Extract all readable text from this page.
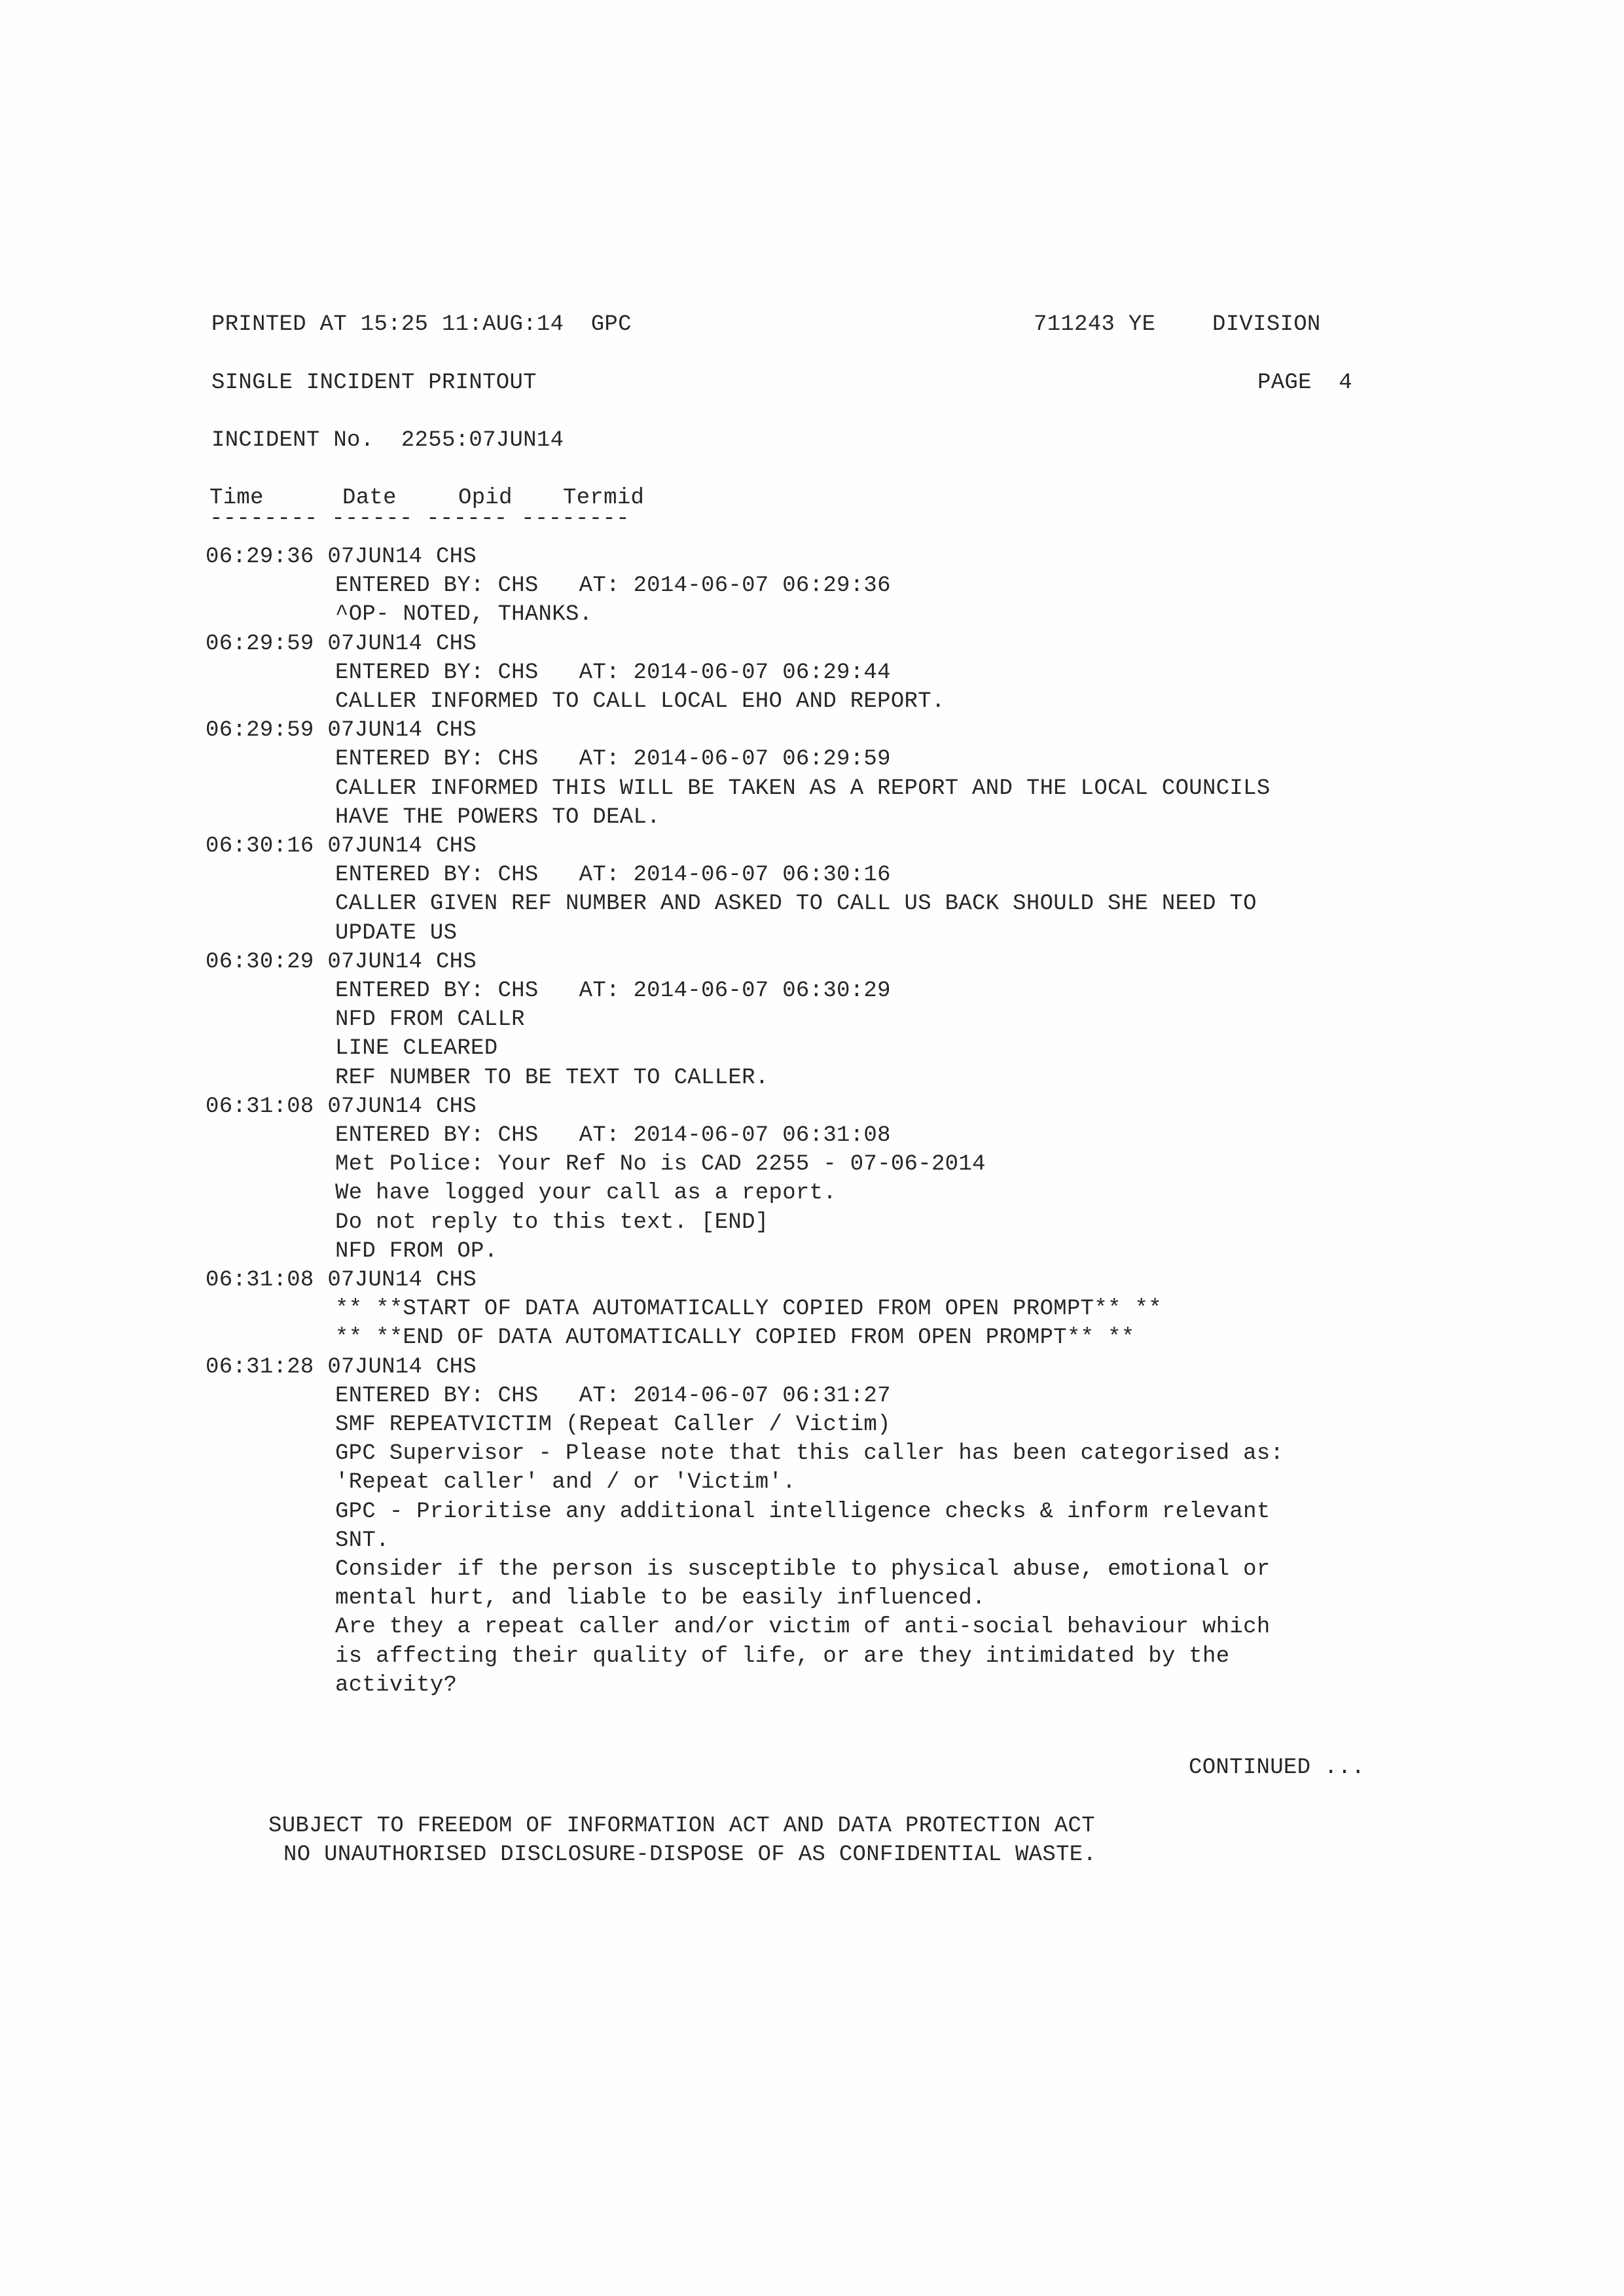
PRINTED AT 15:25 11:AUG:14  GPC	711243 YE	DIVISION
SINGLE INCIDENT PRINTOUT	PAGE  4
INCIDENT No.  2255:07JUN14
Time	Date	Opid Termid
-------- ------ ------ --------
06:29:36 07JUN14 CHS
ENTERED BY: CHS   AT: 2014-06-07 06:29:36
^OP- NOTED, THANKS.
06:29:59 07JUN14 CHS
ENTERED BY: CHS   AT: 2014-06-07 06:29:44
CALLER INFORMED TO CALL LOCAL EHO AND REPORT.
06:29:59 07JUN14 CHS
ENTERED BY: CHS   AT: 2014-06-07 06:29:59
CALLER INFORMED THIS WILL BE TAKEN AS A REPORT AND THE LOCAL COUNCILS
HAVE THE POWERS TO DEAL.
06:30:16 07JUN14 CHS
ENTERED BY: CHS   AT: 2014-06-07 06:30:16
CALLER GIVEN REF NUMBER AND ASKED TO CALL US BACK SHOULD SHE NEED TO
UPDATE US
06:30:29 07JUN14 CHS
ENTERED BY: CHS   AT: 2014-06-07 06:30:29
NFD FROM CALLR
LINE CLEARED
REF NUMBER TO BE TEXT TO CALLER.
06:31:08 07JUN14 CHS
ENTERED BY: CHS   AT: 2014-06-07 06:31:08
Met Police: Your Ref No is CAD 2255 - 07-06-2014
We have logged your call as a report.
Do not reply to this text. [END]
NFD FROM OP.
06:31:08 07JUN14 CHS
** **START OF DATA AUTOMATICALLY COPIED FROM OPEN PROMPT** **
** **END OF DATA AUTOMATICALLY COPIED FROM OPEN PROMPT** **
06:31:28 07JUN14 CHS
ENTERED BY: CHS   AT: 2014-06-07 06:31:27
SMF REPEATVICTIM (Repeat Caller / Victim)
GPC Supervisor - Please note that this caller has been categorised as:
'Repeat caller' and / or 'Victim'.
GPC - Prioritise any additional intelligence checks & inform relevant
SNT.
Consider if the person is susceptible to physical abuse, emotional or
mental hurt, and liable to be easily influenced.
Are they a repeat caller and/or victim of anti-social behaviour which
is affecting their quality of life, or are they intimidated by the
activity?
CONTINUED ...
SUBJECT TO FREEDOM OF INFORMATION ACT AND DATA PROTECTION ACT
NO UNAUTHORISED DISCLOSURE-DISPOSE OF AS CONFIDENTIAL WASTE.
